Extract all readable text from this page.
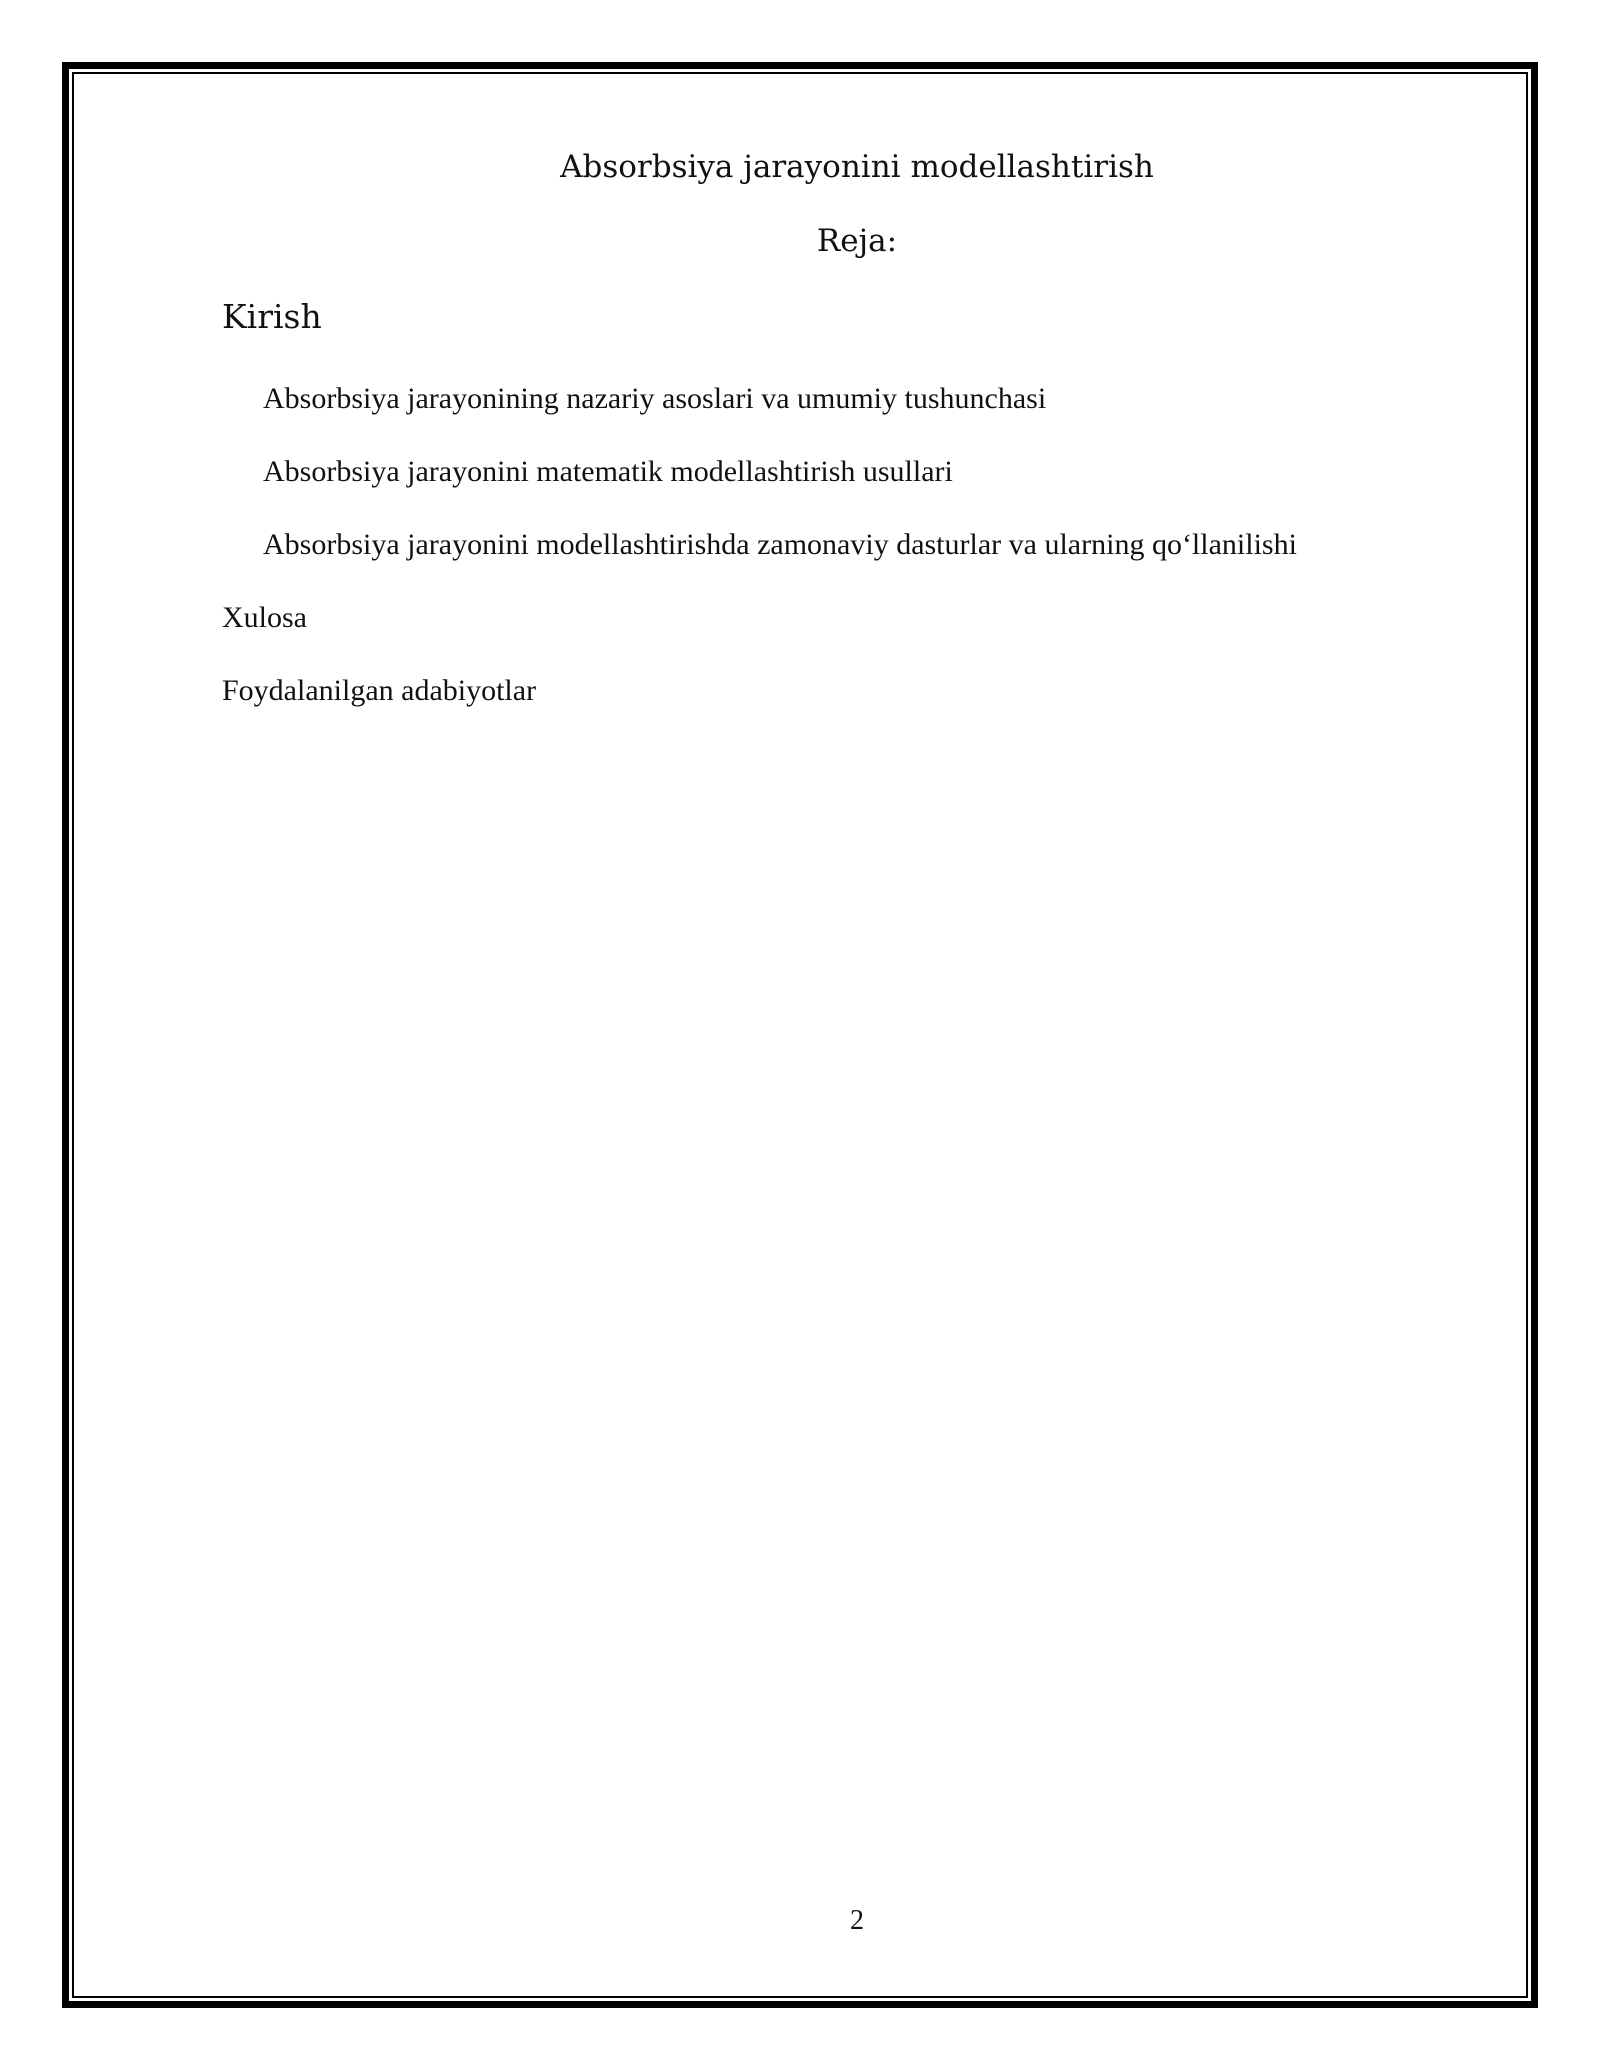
Absorbsiya jarayonini modellashtirish
Reja:
Kirish
Absorbsiya jarayonining nazariy asoslari va umumiy tushunchasi
Absorbsiya jarayonini matematik modellashtirish usullari
Absorbsiya jarayonini modellashtirishda zamonaviy dasturlar va ularning qo‘llanilishi
Xulosa
Foydalanilgan adabiyotlar
2
